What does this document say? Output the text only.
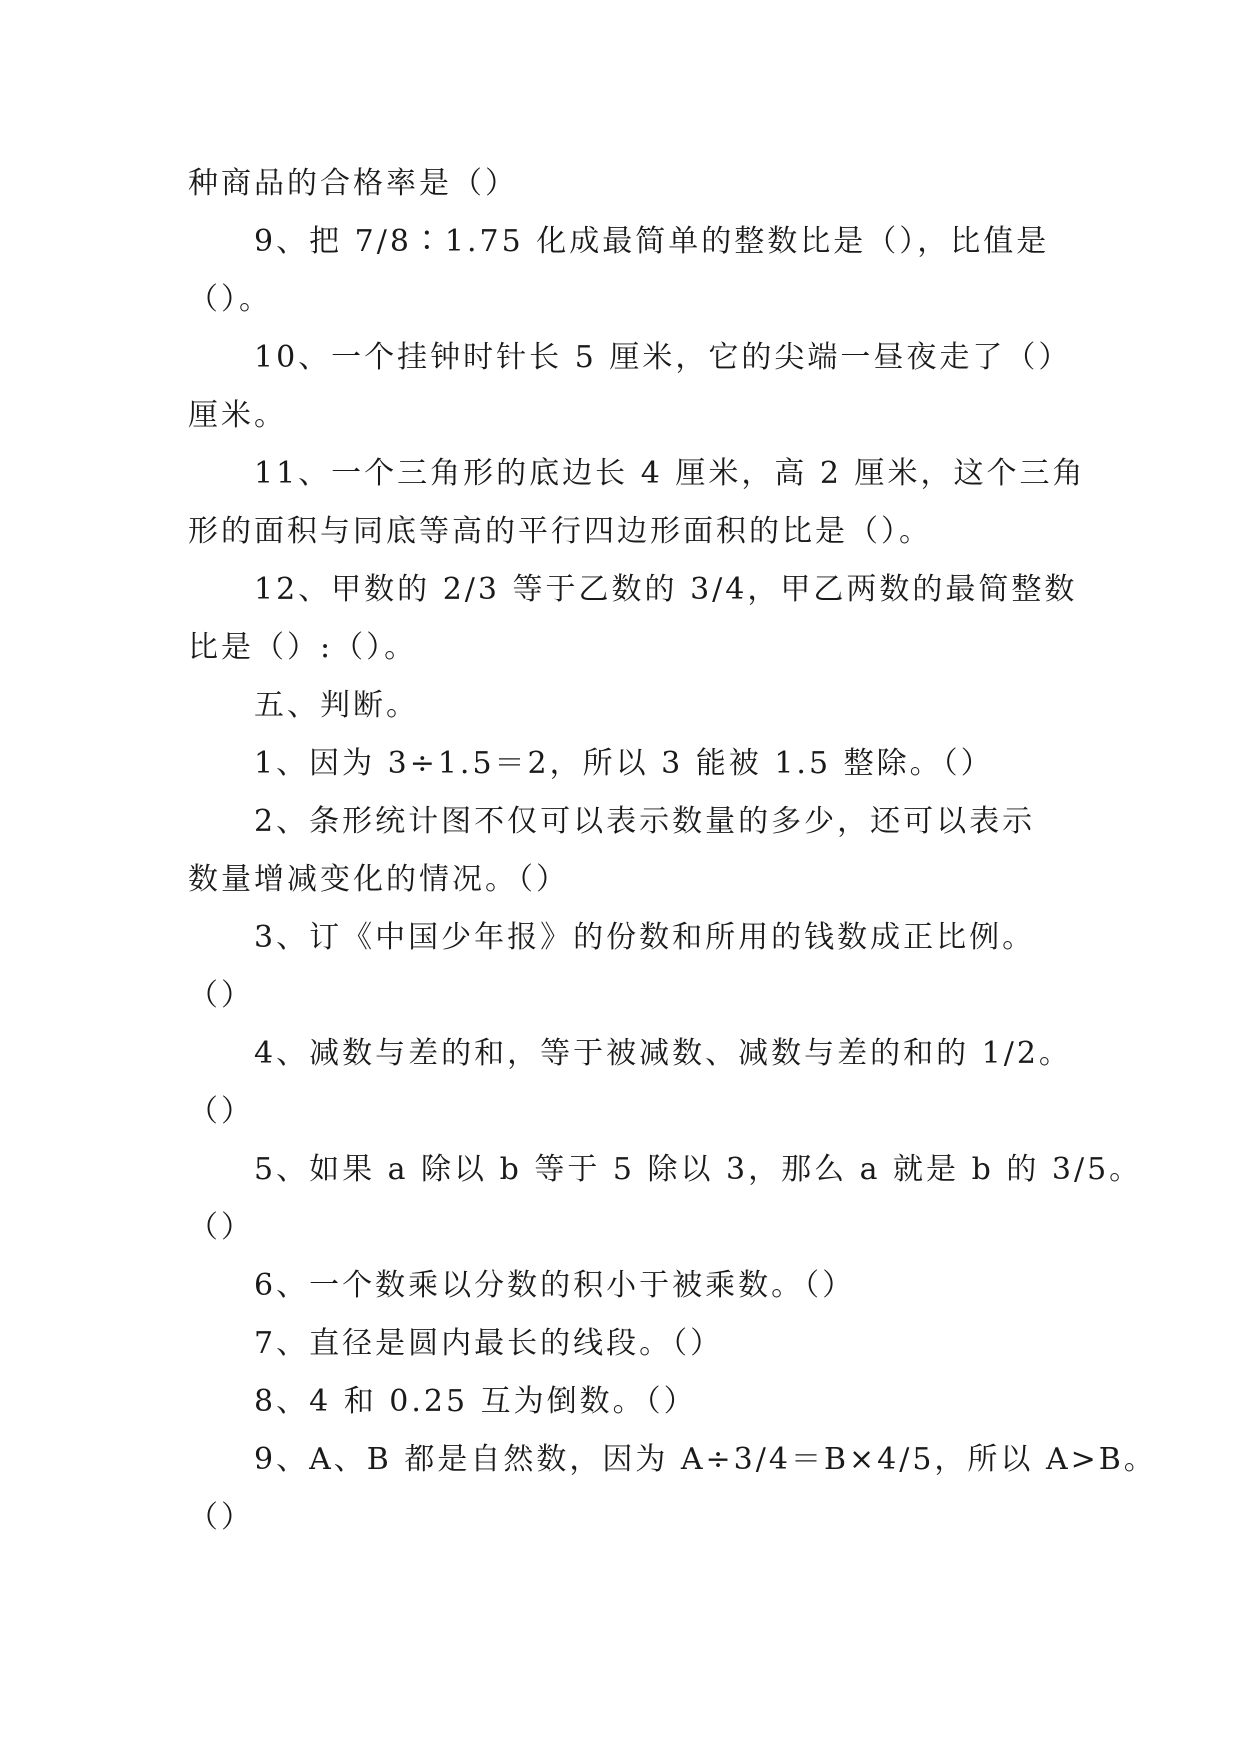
种商品的合格率是（）

9、把 7/8∶1.75 化成最简单的整数比是（），比值是

（）。

10、一个挂钟时针长 5 厘米，它的尖端一昼夜走了（）

厘米。

11、一个三角形的底边长 4 厘米，高 2 厘米，这个三角

形的面积与同底等高的平行四边形面积的比是（）。

12、甲数的 2/3 等于乙数的 3/4，甲乙两数的最简整数

比是（）:（）。

五、判断。

1、因为 3÷1.5＝2，所以 3 能被 1.5 整除。（）

2、条形统计图不仅可以表示数量的多少，还可以表示

数量增减变化的情况。（）

3、订《中国少年报》的份数和所用的钱数成正比例。

（）

4、减数与差的和，等于被减数、减数与差的和的 1/2。

（）

5、如果 a 除以 b 等于 5 除以 3，那么 a 就是 b 的 3/5。

（）

6、一个数乘以分数的积小于被乘数。（）

7、直径是圆内最长的线段。（）

8、4 和 0.25 互为倒数。（）

9、A、B 都是自然数，因为 A÷3/4＝B×4/5，所以 A>B。

（）
